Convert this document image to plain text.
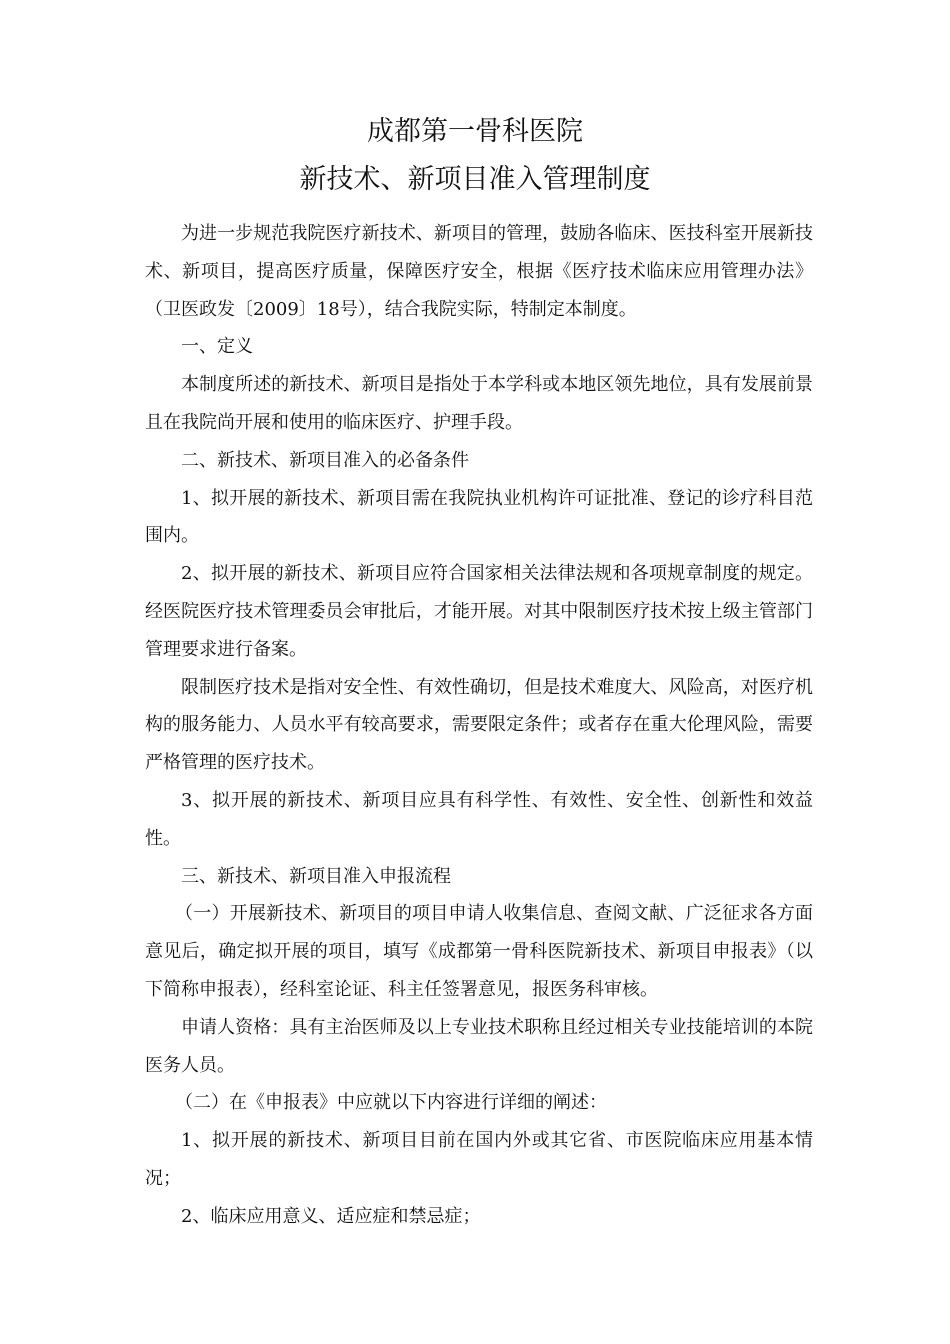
成都第一骨科医院
新技术、新项目准入管理制度

为进一步规范我院医疗新技术、新项目的管理，鼓励各临床、医技科室开展新技术、新项目，提高医疗质量，保障医疗安全，根据《医疗技术临床应用管理办法》（卫医政发〔2009〕18号），结合我院实际，特制定本制度。

一、定义

本制度所述的新技术、新项目是指处于本学科或本地区领先地位，具有发展前景且在我院尚开展和使用的临床医疗、护理手段。

二、新技术、新项目准入的必备条件

1、拟开展的新技术、新项目需在我院执业机构许可证批准、登记的诊疗科目范围内。

2、拟开展的新技术、新项目应符合国家相关法律法规和各项规章制度的规定。经医院医疗技术管理委员会审批后，才能开展。对其中限制医疗技术按上级主管部门管理要求进行备案。

限制医疗技术是指对安全性、有效性确切，但是技术难度大、风险高，对医疗机构的服务能力、人员水平有较高要求，需要限定条件；或者存在重大伦理风险，需要严格管理的医疗技术。

3、拟开展的新技术、新项目应具有科学性、有效性、安全性、创新性和效益性。

三、新技术、新项目准入申报流程

（一）开展新技术、新项目的项目申请人收集信息、查阅文献、广泛征求各方面意见后，确定拟开展的项目，填写《成都第一骨科医院新技术、新项目申报表》（以下简称申报表），经科室论证、科主任签署意见，报医务科审核。

申请人资格：具有主治医师及以上专业技术职称且经过相关专业技能培训的本院医务人员。

（二）在《申报表》中应就以下内容进行详细的阐述：

1、拟开展的新技术、新项目目前在国内外或其它省、市医院临床应用基本情况；

2、临床应用意义、适应症和禁忌症；
